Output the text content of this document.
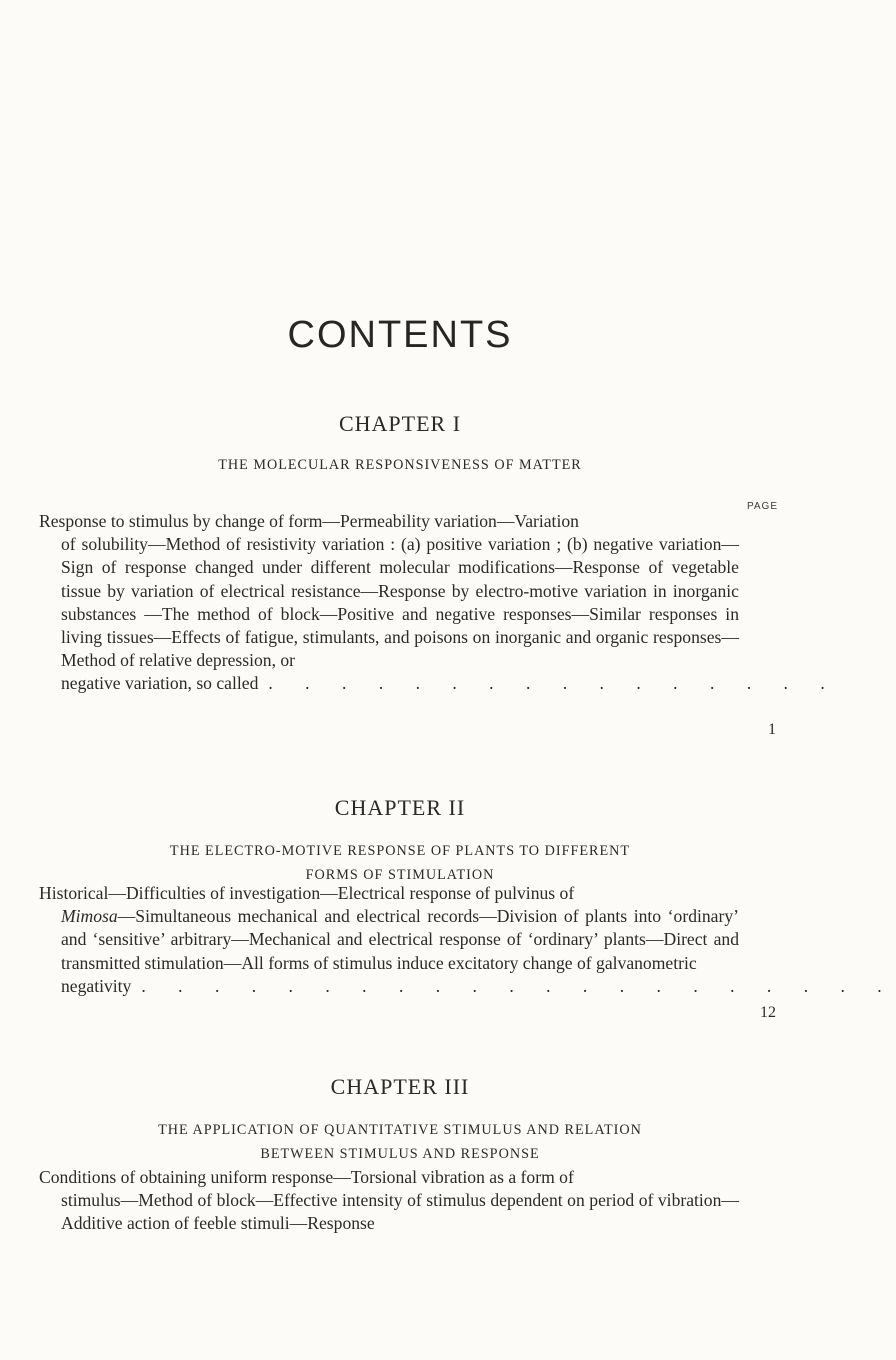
CONTENTS
CHAPTER I
THE MOLECULAR RESPONSIVENESS OF MATTER
PAGE
Response to stimulus by change of form—Permeability variation—Variation
of solubility—Method of resistivity variation : (a) positive variation ; (b) negative variation—Sign of response changed under different molecular modifications—Response of vegetable tissue by variation of electrical resistance—Response by electro-motive variation in inorganic substances —The method of block—Positive and negative responses—Similar responses in living tissues—Effects of fatigue, stimulants, and poisons on inorganic and organic responses—Method of relative depression, or
negative variation, so called . . . . . . . . . . . . . . . .
1
CHAPTER II
THE ELECTRO-MOTIVE RESPONSE OF PLANTS TO DIFFERENT
FORMS OF STIMULATION
Historical—Difficulties of investigation—Electrical response of pulvinus of
Mimosa—Simultaneous mechanical and electrical records—Division of plants into ‘ordinary’ and ‘sensitive’ arbitrary—Mechanical and electrical response of ‘ordinary’ plants—Direct and transmitted stimulation—All forms of stimulus induce excitatory change of galvanometric
negativity . . . . . . . . . . . . . . . . . . . . .
12
CHAPTER III
THE APPLICATION OF QUANTITATIVE STIMULUS AND RELATION
BETWEEN STIMULUS AND RESPONSE
Conditions of obtaining uniform response—Torsional vibration as a form of
stimulus—Method of block—Effective intensity of stimulus dependent on period of vibration—Additive action of feeble stimuli—Response
